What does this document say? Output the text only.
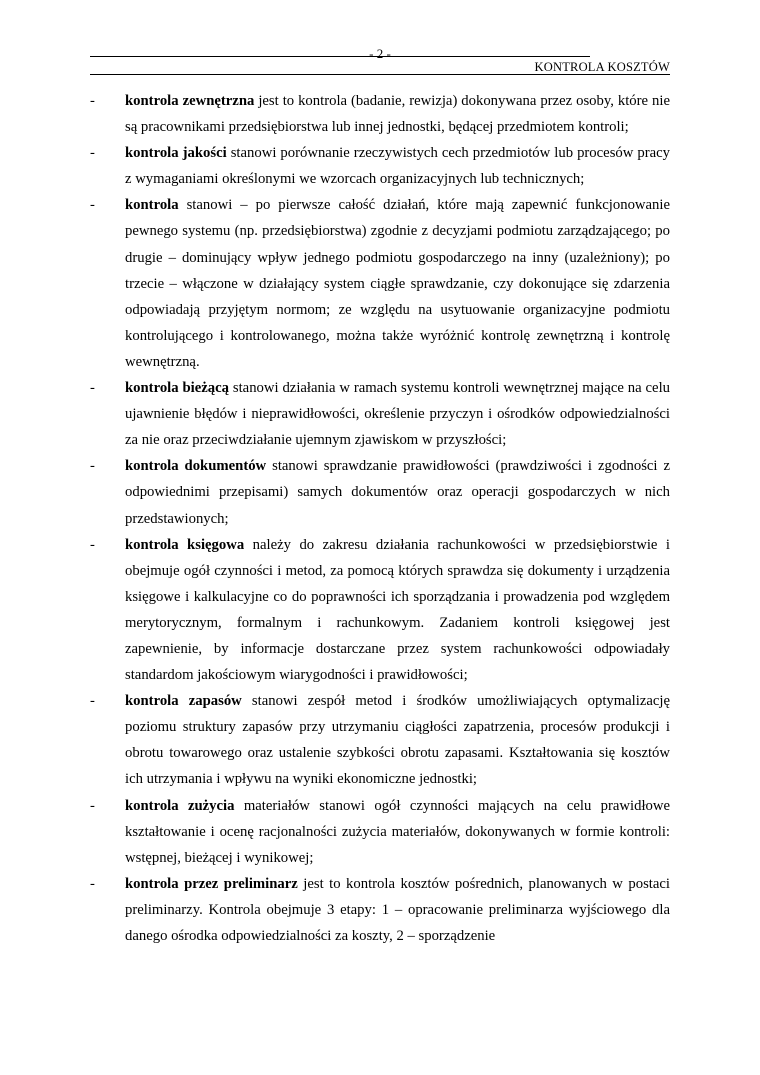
- 2 -
KONTROLA KOSZTÓW
- kontrola zewnętrzna jest to kontrola (badanie, rewizja) dokonywana przez osoby, które nie są pracownikami przedsiębiorstwa lub innej jednostki, będącej przedmiotem kontroli;
- kontrola jakości stanowi porównanie rzeczywistych cech przedmiotów lub procesów pracy z wymaganiami określonymi we wzorcach organizacyjnych lub technicznych;
- kontrola stanowi – po pierwsze całość działań, które mają zapewnić funkcjonowanie pewnego systemu (np. przedsiębiorstwa) zgodnie z decyzjami podmiotu zarządzającego; po drugie – dominujący wpływ jednego podmiotu gospodarczego na inny (uzależniony); po trzecie – włączone w działający system ciągłe sprawdzanie, czy dokonujące się zdarzenia odpowiadają przyjętym normom; ze względu na usytuowanie organizacyjne podmiotu kontrolującego i kontrolowanego, można także wyróżnić kontrolę zewnętrzną i kontrolę wewnętrzną.
- kontrola bieżącą stanowi działania w ramach systemu kontroli wewnętrznej mające na celu ujawnienie błędów i nieprawidłowości, określenie przyczyn i ośrodków odpowiedzialności za nie oraz przeciwdziałanie ujemnym zjawiskom w przyszłości;
- kontrola dokumentów stanowi sprawdzanie prawidłowości (prawdziwości i zgodności z odpowiednimi przepisami) samych dokumentów oraz operacji gospodarczych w nich przedstawionych;
- kontrola księgowa należy do zakresu działania rachunkowości w przedsiębiorstwie i obejmuje ogół czynności i metod, za pomocą których sprawdza się dokumenty i urządzenia księgowe i kalkulacyjne co do poprawności ich sporządzania i prowadzenia pod względem merytorycznym, formalnym i rachunkowym. Zadaniem kontroli księgowej jest zapewnienie, by informacje dostarczane przez system rachunkowości odpowiadały standardom jakościowym wiarygodności i prawidłowości;
- kontrola zapasów stanowi zespół metod i środków umożliwiających optymalizację poziomu struktury zapasów przy utrzymaniu ciągłości zapatrzenia, procesów produkcji i obrotu towarowego oraz ustalenie szybkości obrotu zapasami. Kształtowania się kosztów ich utrzymania i wpływu na wyniki ekonomiczne jednostki;
- kontrola zużycia materiałów stanowi ogół czynności mających na celu prawidłowe kształtowanie i ocenę racjonalności zużycia materiałów, dokonywanych w formie kontroli: wstępnej, bieżącej i wynikowej;
- kontrola przez preliminarz jest to kontrola kosztów pośrednich, planowanych w postaci preliminarzy. Kontrola obejmuje 3 etapy: 1 – opracowanie preliminarza wyjściowego dla danego ośrodka odpowiedzialności za koszty, 2 – sporządzenie
